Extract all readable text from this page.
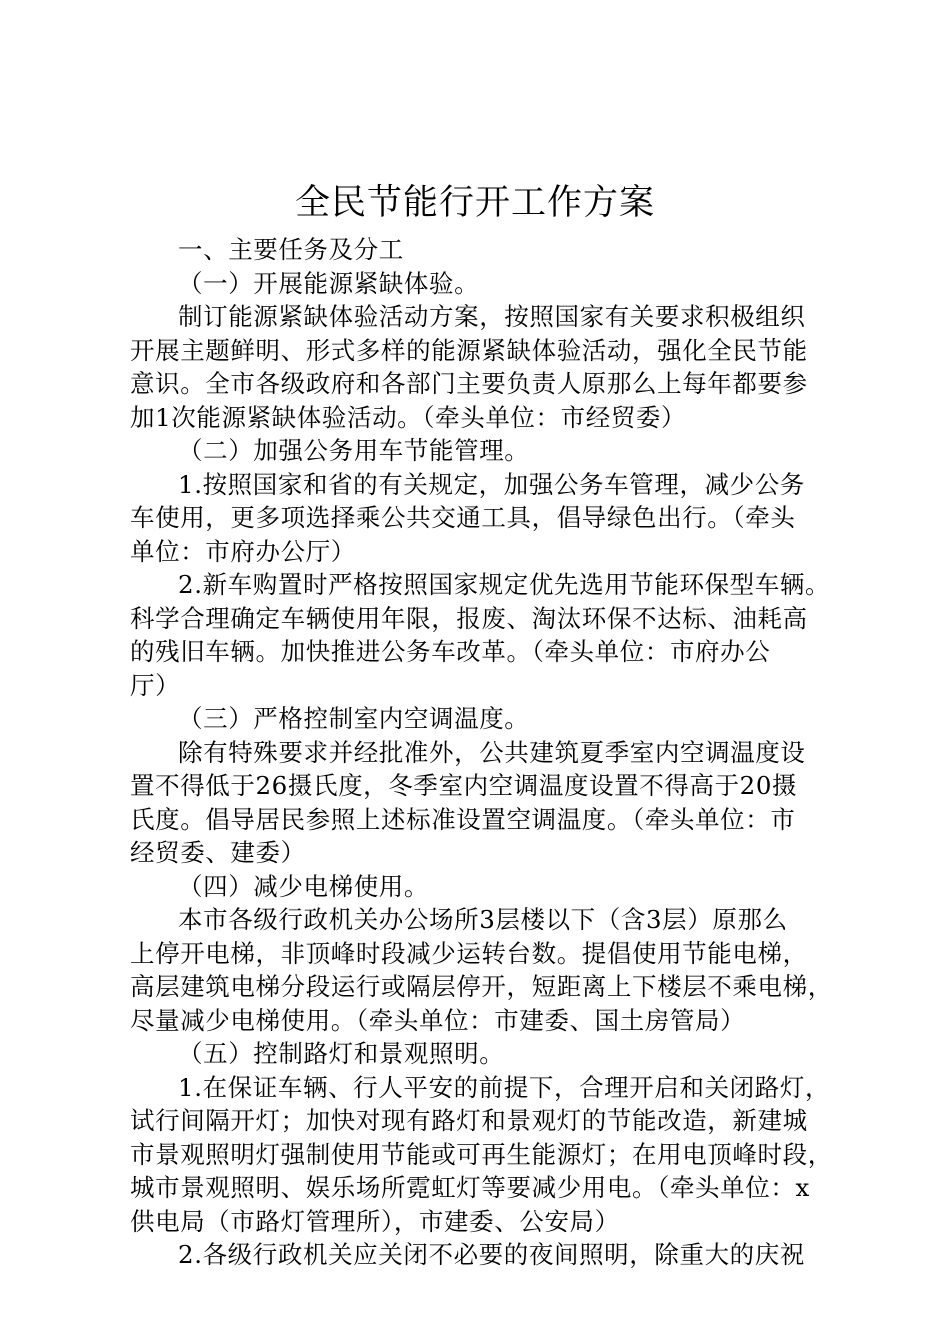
全民节能行开工作方案
一、主要任务及分工
（一）开展能源紧缺体验。
制订能源紧缺体验活动方案，按照国家有关要求积极组织
开展主题鲜明、形式多样的能源紧缺体验活动，强化全民节能
意识。全市各级政府和各部门主要负责人原那么上每年都要参
加1次能源紧缺体验活动。（牵头单位：市经贸委）
（二）加强公务用车节能管理。
1.按照国家和省的有关规定，加强公务车管理，减少公务
车使用，更多项选择乘公共交通工具，倡导绿色出行。（牵头
单位：市府办公厅）
2.新车购置时严格按照国家规定优先选用节能环保型车辆。
科学合理确定车辆使用年限，报废、淘汰环保不达标、油耗高
的残旧车辆。加快推进公务车改革。（牵头单位：市府办公
厅）
（三）严格控制室内空调温度。
除有特殊要求并经批准外，公共建筑夏季室内空调温度设
置不得低于26摄氏度，冬季室内空调温度设置不得高于20摄
氏度。倡导居民参照上述标准设置空调温度。（牵头单位：市
经贸委、建委）
（四）减少电梯使用。
本市各级行政机关办公场所3层楼以下（含3层）原那么
上停开电梯，非顶峰时段减少运转台数。提倡使用节能电梯，
高层建筑电梯分段运行或隔层停开，短距离上下楼层不乘电梯，
尽量减少电梯使用。（牵头单位：市建委、国土房管局）
（五）控制路灯和景观照明。
1.在保证车辆、行人平安的前提下，合理开启和关闭路灯，
试行间隔开灯；加快对现有路灯和景观灯的节能改造，新建城
市景观照明灯强制使用节能或可再生能源灯；在用电顶峰时段，
城市景观照明、娱乐场所霓虹灯等要减少用电。（牵头单位：x
供电局（市路灯管理所），市建委、公安局）
2.各级行政机关应关闭不必要的夜间照明，除重大的庆祝
